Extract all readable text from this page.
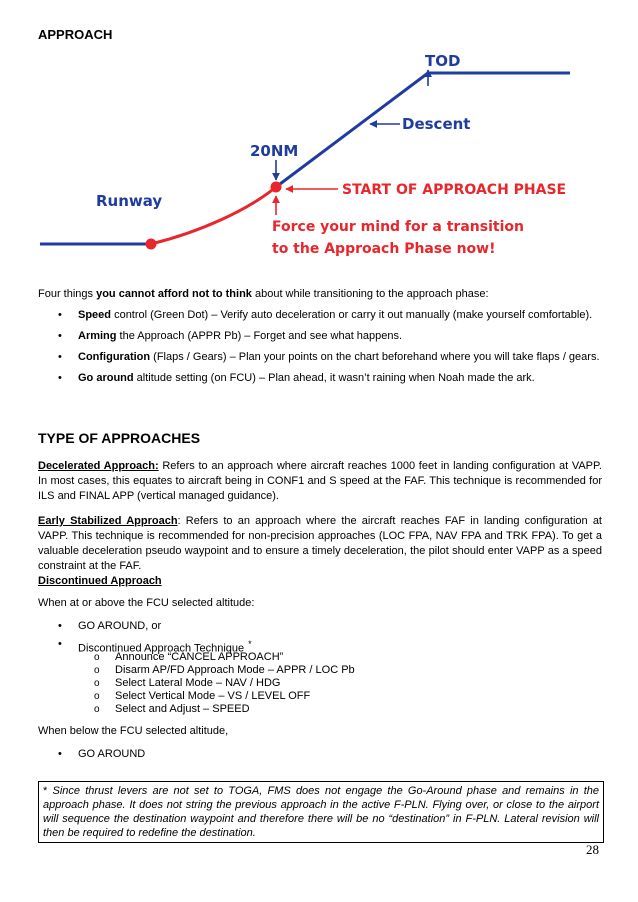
APPROACH
TOD
Descent
20NM
Runway
START OF APPROACH PHASE
Force your mind for a transition
to the Approach Phase now!
Four things you cannot afford not to think about while transitioning to the approach phase:
• Speed control (Green Dot) – Verify auto deceleration or carry it out manually (make yourself comfortable).
• Arming the Approach (APPR Pb) – Forget and see what happens.
• Configuration (Flaps / Gears) – Plan your points on the chart beforehand where you will take flaps / gears.
• Go around altitude setting (on FCU) – Plan ahead, it wasn’t raining when Noah made the ark.
TYPE OF APPROACHES
Decelerated Approach: Refers to an approach where aircraft reaches 1000 feet in landing configuration at VAPP. In most cases, this equates to aircraft being in CONF1 and S speed at the FAF. This technique is recommended for ILS and FINAL APP (vertical managed guidance).
Early Stabilized Approach: Refers to an approach where the aircraft reaches FAF in landing configuration at VAPP. This technique is recommended for non-precision approaches (LOC FPA, NAV FPA and TRK FPA). To get a valuable deceleration pseudo waypoint and to ensure a timely deceleration, the pilot should enter VAPP as a speed constraint at the FAF.
Discontinued Approach
When at or above the FCU selected altitude:
• GO AROUND, or
• Discontinued Approach Technique *
o Announce “CANCEL APPROACH”
o Disarm AP/FD Approach Mode – APPR / LOC Pb
o Select Lateral Mode – NAV / HDG
o Select Vertical Mode – VS / LEVEL OFF
o Select and Adjust – SPEED
When below the FCU selected altitude,
• GO AROUND
* Since thrust levers are not set to TOGA, FMS does not engage the Go-Around phase and remains in the approach phase. It does not string the previous approach in the active F-PLN. Flying over, or close to the airport will sequence the destination waypoint and therefore there will be no “destination” in F-PLN. Lateral revision will then be required to redefine the destination.
28
